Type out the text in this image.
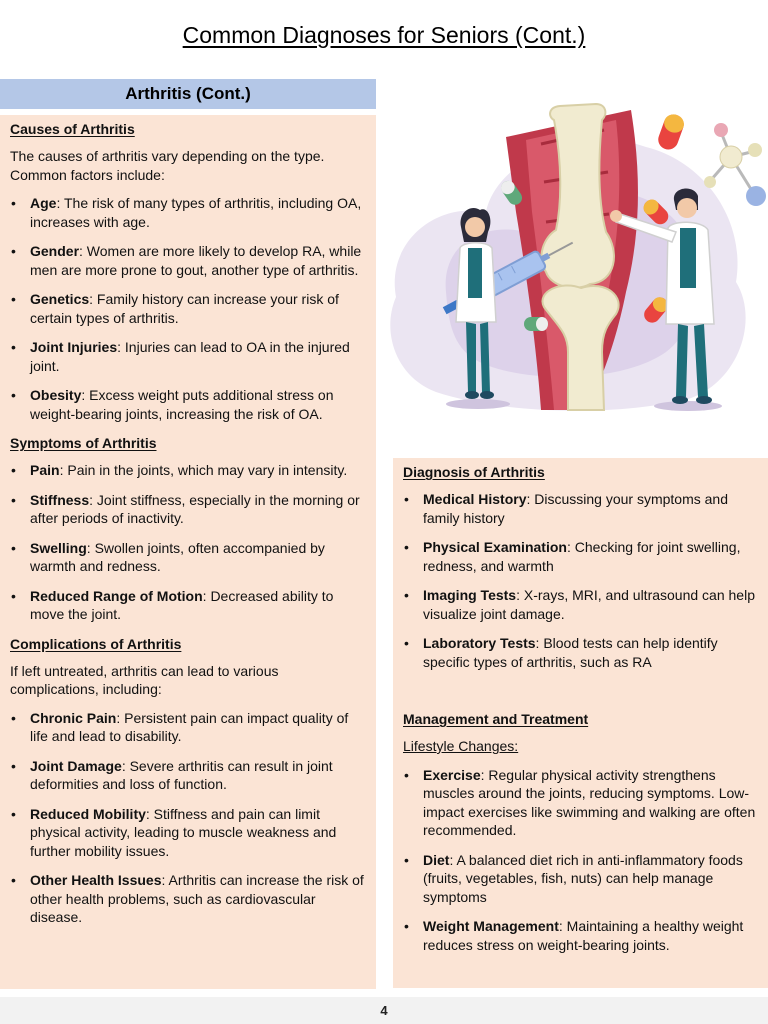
Common Diagnoses for Seniors (Cont.)
Arthritis (Cont.)
Causes of Arthritis
The causes of arthritis vary depending on the type. Common factors include:
• Age: The risk of many types of arthritis, including OA, increases with age.
• Gender: Women are more likely to develop RA, while men are more prone to gout, another type of arthritis.
• Genetics: Family history can increase your risk of certain types of arthritis.
• Joint Injuries: Injuries can lead to OA in the injured joint.
• Obesity: Excess weight puts additional stress on weight-bearing joints, increasing the risk of OA.
Symptoms of Arthritis
• Pain: Pain in the joints, which may vary in intensity.
• Stiffness: Joint stiffness, especially in the morning or after periods of inactivity.
• Swelling: Swollen joints, often accompanied by warmth and redness.
• Reduced Range of Motion: Decreased ability to move the joint.
Complications of Arthritis
If left untreated, arthritis can lead to various complications, including:
• Chronic Pain: Persistent pain can impact quality of life and lead to disability.
• Joint Damage: Severe arthritis can result in joint deformities and loss of function.
• Reduced Mobility: Stiffness and pain can limit physical activity, leading to muscle weakness and further mobility issues.
• Other Health Issues: Arthritis can increase the risk of other health problems, such as cardiovascular disease.
Diagnosis of Arthritis
• Medical History: Discussing your symptoms and family history
• Physical Examination: Checking for joint swelling, redness, and warmth
• Imaging Tests: X-rays, MRI, and ultrasound can help visualize joint damage.
• Laboratory Tests: Blood tests can help identify specific types of arthritis, such as RA
Management and Treatment
Lifestyle Changes:
• Exercise: Regular physical activity strengthens muscles around the joints, reducing symptoms. Low-impact exercises like swimming and walking are often recommended.
• Diet: A balanced diet rich in anti-inflammatory foods (fruits, vegetables, fish, nuts) can help manage symptoms
• Weight Management: Maintaining a healthy weight reduces stress on weight-bearing joints.
4
